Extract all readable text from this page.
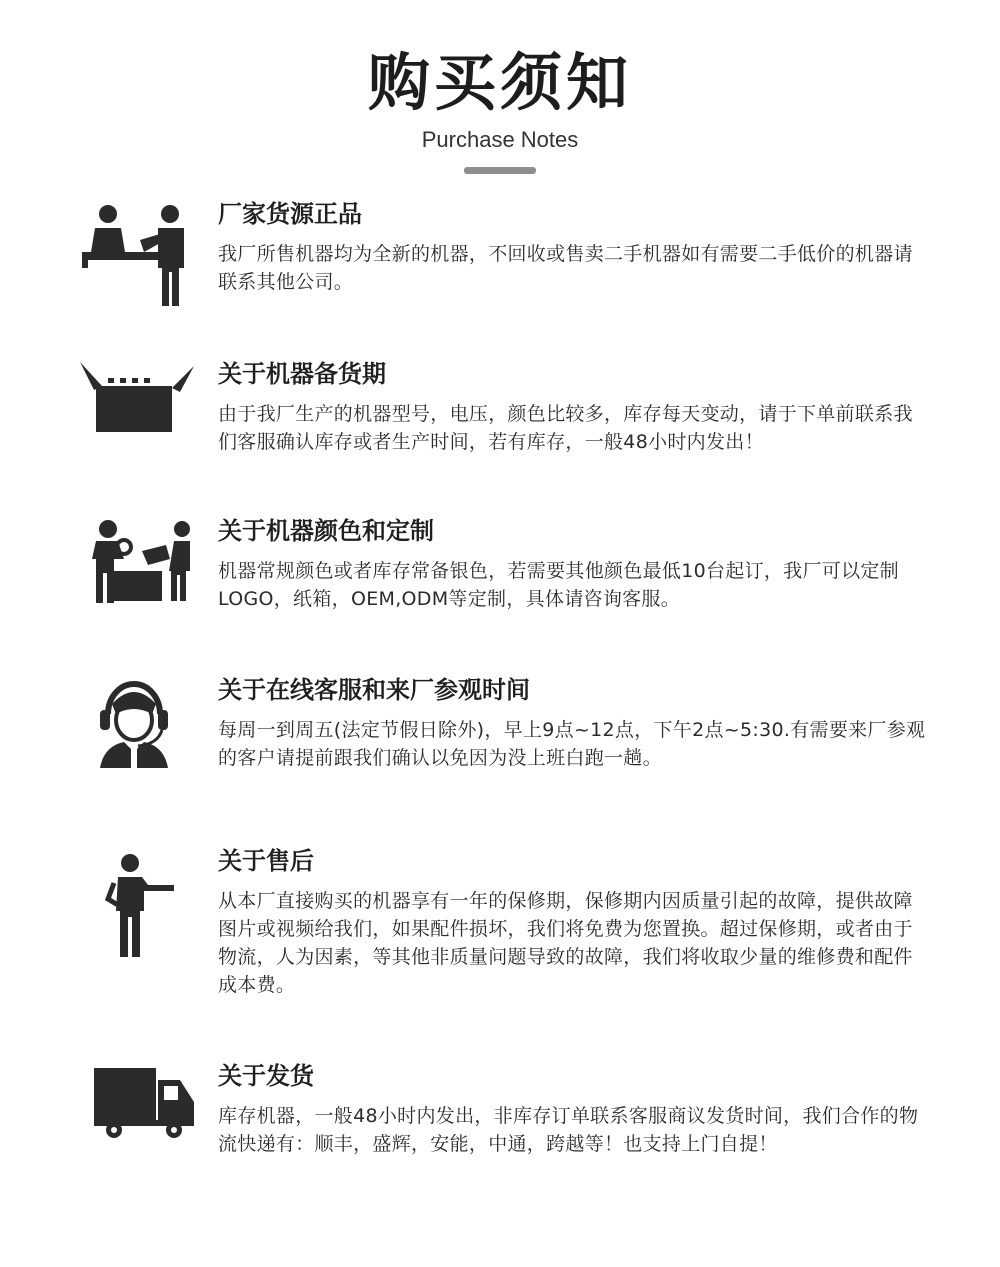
购买须知
Purchase Notes
厂家货源正品
我厂所售机器均为全新的机器，不回收或售卖二手机器如有需要二手低价的机器请联系其他公司。
关于机器备货期
由于我厂生产的机器型号，电压，颜色比较多，库存每天变动，请于下单前联系我们客服确认库存或者生产时间，若有库存，一般48小时内发出！
关于机器颜色和定制
机器常规颜色或者库存常备银色，若需要其他颜色最低10台起订，我厂可以定制LOGO，纸箱，OEM,ODM等定制，具体请咨询客服。
关于在线客服和来厂参观时间
每周一到周五(法定节假日除外)，早上9点~12点，下午2点~5:30.有需要来厂参观的客户请提前跟我们确认以免因为没上班白跑一趟。
关于售后
从本厂直接购买的机器享有一年的保修期，保修期内因质量引起的故障，提供故障图片或视频给我们，如果配件损坏，我们将免费为您置换。超过保修期，或者由于物流，人为因素，等其他非质量问题导致的故障，我们将收取少量的维修费和配件成本费。
关于发货
库存机器，一般48小时内发出，非库存订单联系客服商议发货时间，我们合作的物流快递有：顺丰，盛辉，安能，中通，跨越等！也支持上门自提！
